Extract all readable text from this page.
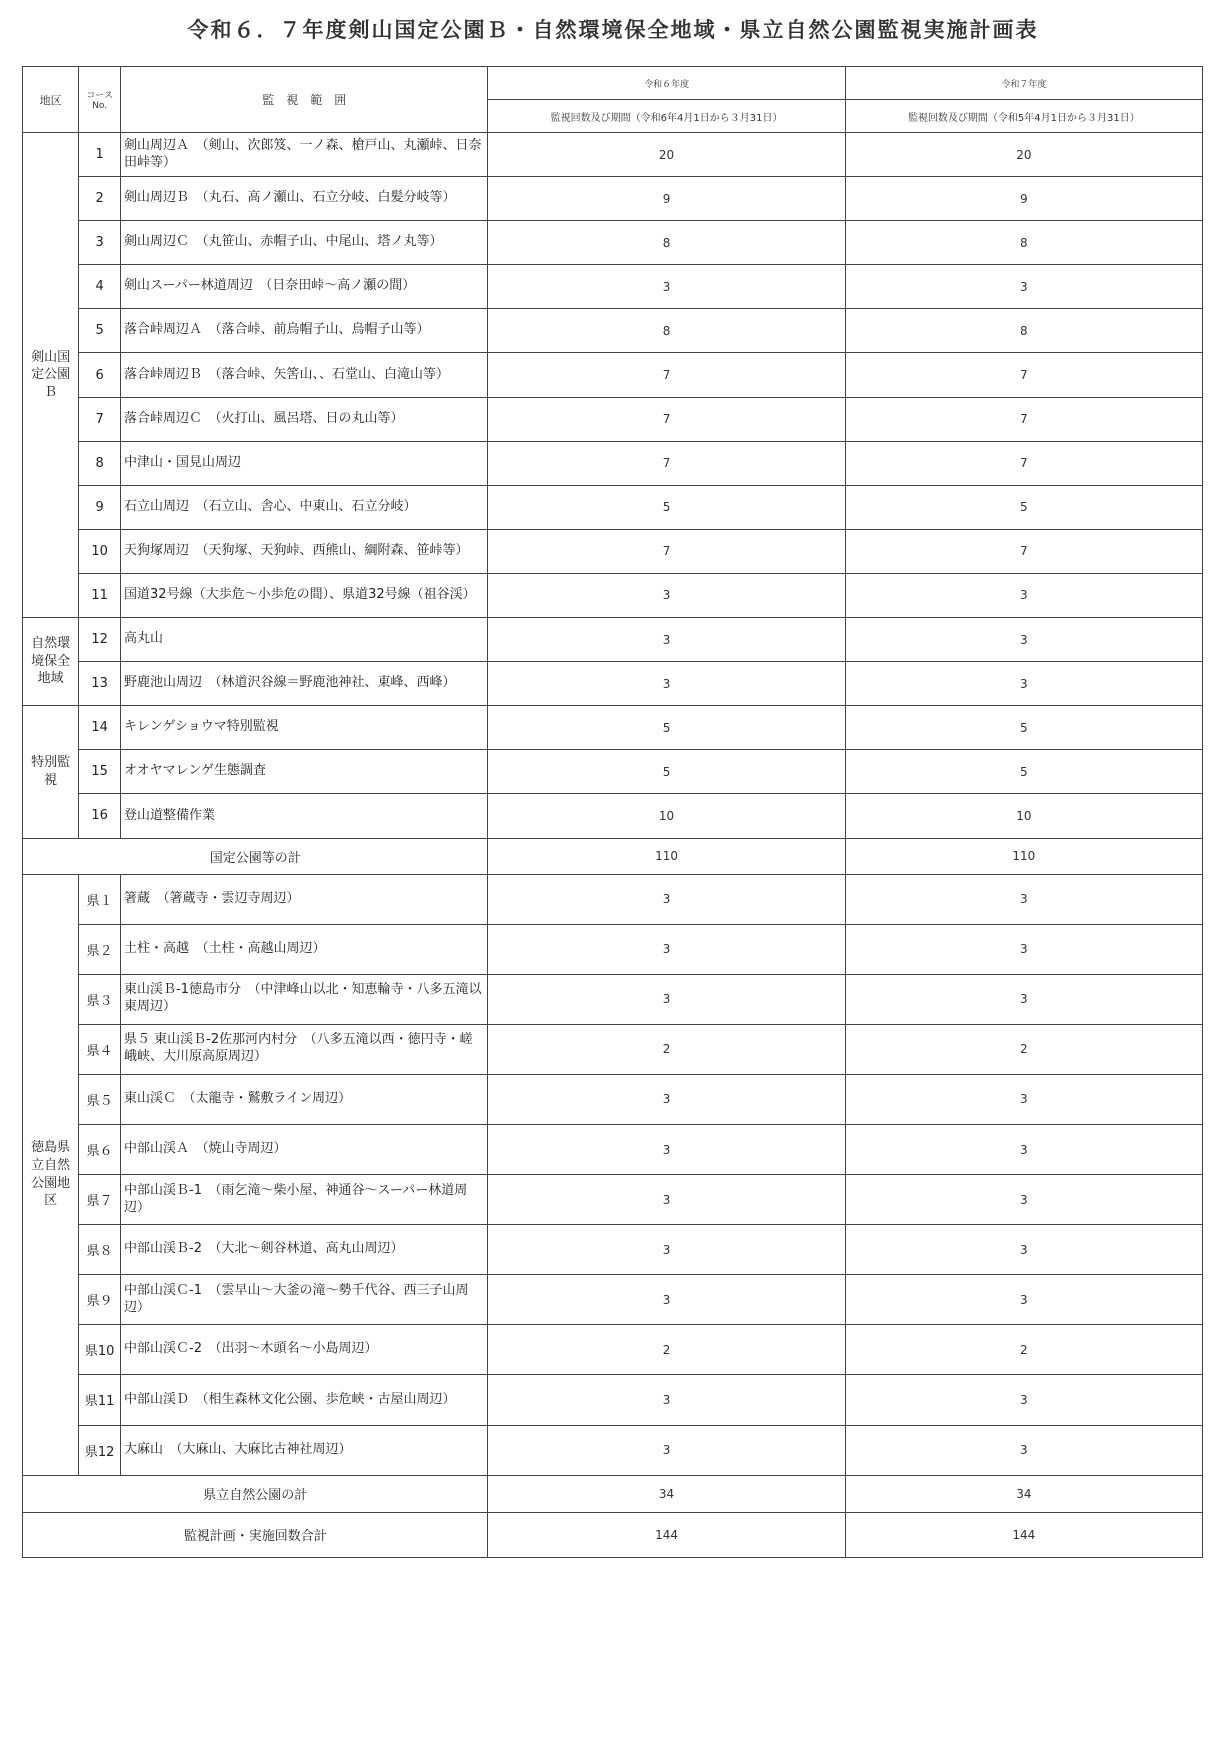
令和６．７年度剣山国定公園Ｂ・自然環境保全地域・県立自然公園監視実施計画表
地区	コース No.	監　視　範　囲	令和６年度	令和７年度
			監視回数及び期間（令和6年4月1日から３月31日）	監視回数及び期間（令和5年4月1日から３月31日）
剣山国定公園Ｂ	1	剣山周辺Ａ　（剣山、次郎笈、一ノ森、槍戸山、丸瀬峠、日奈田峠等）	20	20
	2	剣山周辺Ｂ　（丸石、高ノ瀬山、石立分岐、白髪分岐等）	9	9
	3	剣山周辺Ｃ　（丸笹山、赤帽子山、中尾山、塔ノ丸等）	8	8
	4	剣山スーパー林道周辺　（日奈田峠～高ノ瀬の間）	3	3
	5	落合峠周辺Ａ　（落合峠、前烏帽子山、烏帽子山等）	8	8
	6	落合峠周辺Ｂ　（落合峠、矢筈山、、石堂山、白滝山等）	7	7
	7	落合峠周辺Ｃ　（火打山、風呂塔、日の丸山等）	7	7
	8	中津山・国見山周辺	7	7
	9	石立山周辺　（石立山、舎心、中東山、石立分岐）	5	5
	10	天狗塚周辺　（天狗塚、天狗峠、西熊山、綱附森、笹峠等）	7	7
	11	国道32号線（大歩危～小歩危の間）、県道32号線（祖谷渓）	3	3
自然環境保全地域	12	高丸山	3	3
	13	野鹿池山周辺　（林道沢谷線＝野鹿池神社、東峰、西峰）	3	3
特別監視	14	キレンゲショウマ特別監視	5	5
	15	オオヤマレンゲ生態調査	5	5
	16	登山道整備作業	10	10
国定公園等の計			110	110
徳島県立自然公園地区	県１	箸蔵　（箸蔵寺・雲辺寺周辺）	3	3
	県２	土柱・高越　（土柱・高越山周辺）	3	3
	県３	東山渓Ｂ-1徳島市分　（中津峰山以北・知恵輪寺・八多五滝以東周辺）	3	3
	県４	県５ 東山渓Ｂ-2佐那河内村分　（八多五滝以西・徳円寺・嵯峨峡、大川原高原周辺）	2	2
	県５	東山渓Ｃ　（太龍寺・鷲敷ライン周辺）	3	3
	県６	中部山渓Ａ　（焼山寺周辺）	3	3
	県７	中部山渓Ｂ-1　（雨乞滝～柴小屋、神通谷～スーパー林道周辺）	3	3
	県８	中部山渓Ｂ-2　（大北～剣谷林道、高丸山周辺）	3	3
	県９	中部山渓Ｃ-1　（雲早山～大釜の滝～勢千代谷、西三子山周辺）	3	3
	県10	中部山渓Ｃ-2　（出羽～木頭名～小島周辺）	2	2
	県11	中部山渓Ｄ　（相生森林文化公園、歩危峡・古屋山周辺）	3	3
	県12	大麻山　（大麻山、大麻比古神社周辺）	3	3
県立自然公園の計			34	34
監視計画・実施回数合計			144	144
